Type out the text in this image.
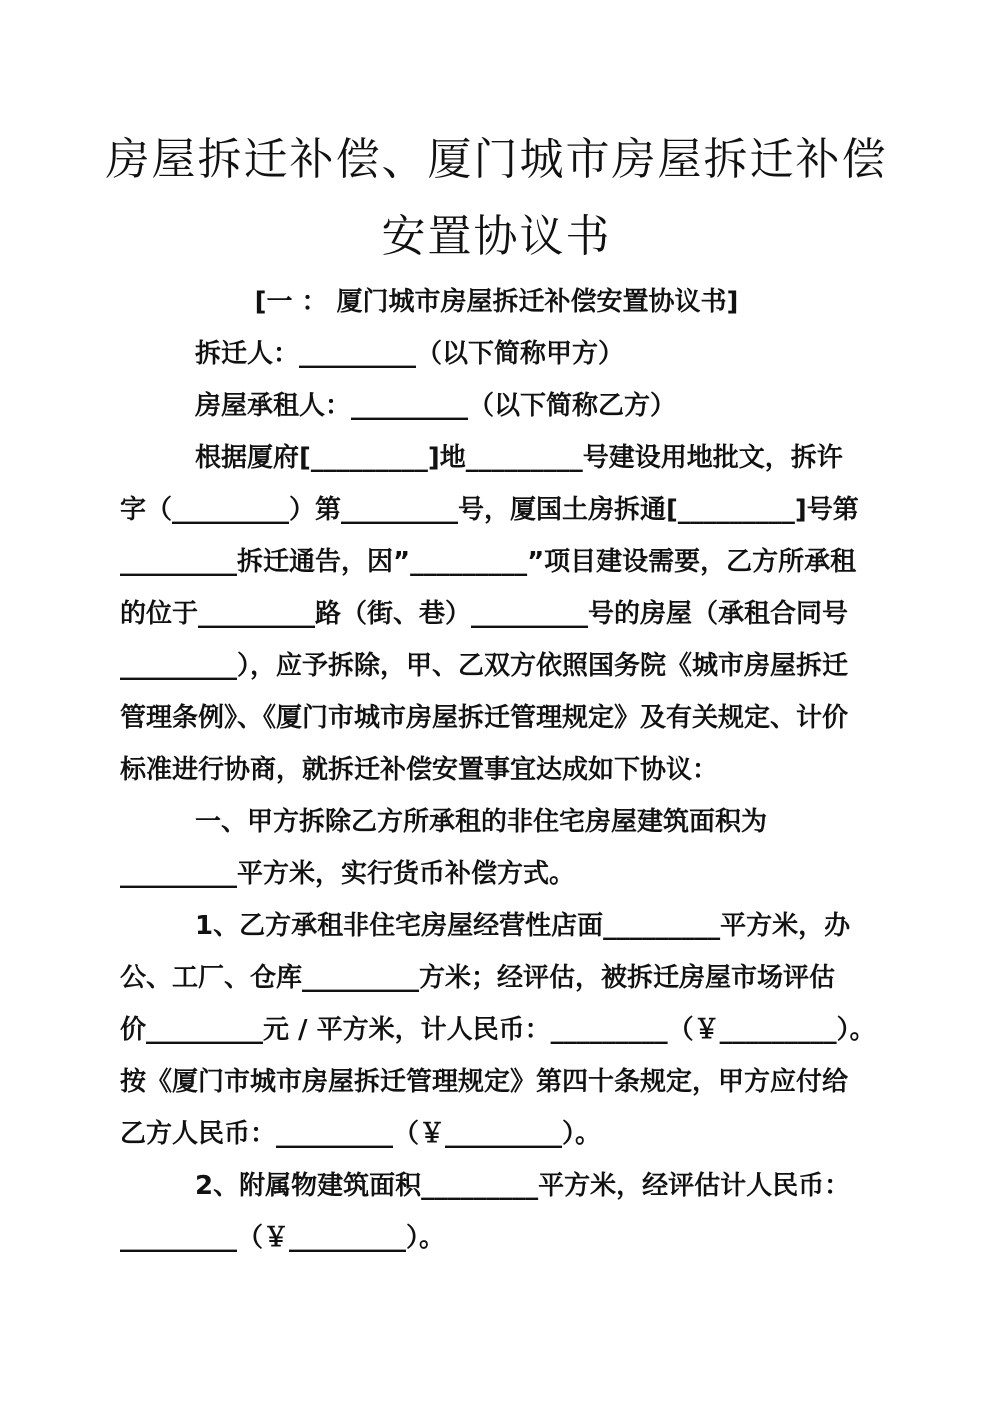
房屋拆迁补偿、厦门城市房屋拆迁补偿
安置协议书
[一 ： 厦门城市房屋拆迁补偿安置协议书]
拆迁人：_________（以下简称甲方）
房屋承租人：_________（以下简称乙方）
根据厦府[_________]地_________号建设用地批文，拆许
字（_________）第_________号，厦国土房拆通[_________]号第
_________拆迁通告，因”_________”项目建设需要，乙方所承租
的位于_________路（街、巷）_________号的房屋（承租合同号
_________），应予拆除，甲、乙双方依照国务院《城市房屋拆迁
管理条例》、《厦门市城市房屋拆迁管理规定》及有关规定、计价
标准进行协商，就拆迁补偿安置事宜达成如下协议：
一、甲方拆除乙方所承租的非住宅房屋建筑面积为
_________平方米，实行货币补偿方式。
1、乙方承租非住宅房屋经营性店面_________平方米，办
公、工厂、仓库_________方米；经评估，被拆迁房屋市场评估
价_________元 / 平方米，计人民币：_________（￥_________）。
按《厦门市城市房屋拆迁管理规定》第四十条规定，甲方应付给
乙方人民币：_________（￥_________）。
2、附属物建筑面积_________平方米，经评估计人民币：
_________（￥_________）。
